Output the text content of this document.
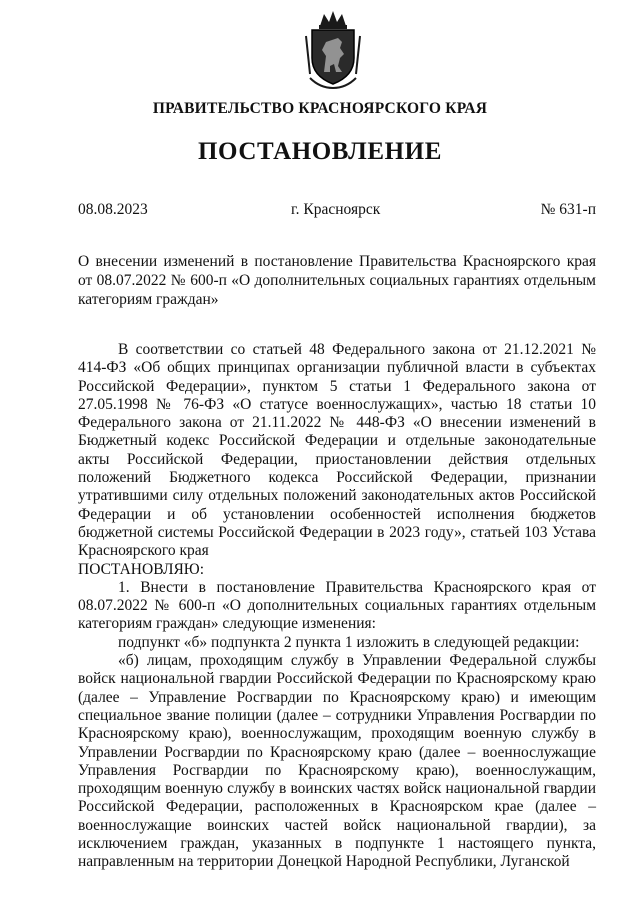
ПРАВИТЕЛЬСТВО КРАСНОЯРСКОГО КРАЯ
ПОСТАНОВЛЕНИЕ
08.08.2023	г. Красноярск	№ 631-п
О внесении изменений в постановление Правительства Красноярского края от 08.07.2022 № 600-п «О дополнительных социальных гарантиях отдельным категориям граждан»

В соответствии со статьей 48 Федерального закона от 21.12.2021 № 414-ФЗ «Об общих принципах организации публичной власти в субъектах Российской Федерации», пунктом 5 статьи 1 Федерального закона от 27.05.1998 № 76-ФЗ «О статусе военнослужащих», частью 18 статьи 10 Федерального закона от 21.11.2022 № 448-ФЗ «О внесении изменений в Бюджетный кодекс Российской Федерации и отдельные законодательные акты Российской Федерации, приостановлении действия отдельных положений Бюджетного кодекса Российской Федерации, признании утратившими силу отдельных положений законодательных актов Российской Федерации и об установлении особенностей исполнения бюджетов бюджетной системы Российской Федерации в 2023 году», статьей 103 Устава Красноярского края

ПОСТАНОВЛЯЮ:

1. Внести в постановление Правительства Красноярского края от 08.07.2022 № 600-п «О дополнительных социальных гарантиях отдельным категориям граждан» следующие изменения:

подпункт «б» подпункта 2 пункта 1 изложить в следующей редакции:

«б) лицам, проходящим службу в Управлении Федеральной службы войск национальной гвардии Российской Федерации по Красноярскому краю (далее – Управление Росгвардии по Красноярскому краю) и имеющим специальное звание полиции (далее – сотрудники Управления Росгвардии по Красноярскому краю), военнослужащим, проходящим военную службу в Управлении Росгвардии по Красноярскому краю (далее – военнослужащие Управления Росгвардии по Красноярскому краю), военнослужащим, проходящим военную службу в воинских частях войск национальной гвардии Российской Федерации, расположенных в Красноярском крае (далее – военнослужащие воинских частей войск национальной гвардии), за исключением граждан, указанных в подпункте 1 настоящего пункта, направленным на территории Донецкой Народной Республики, Луганской
